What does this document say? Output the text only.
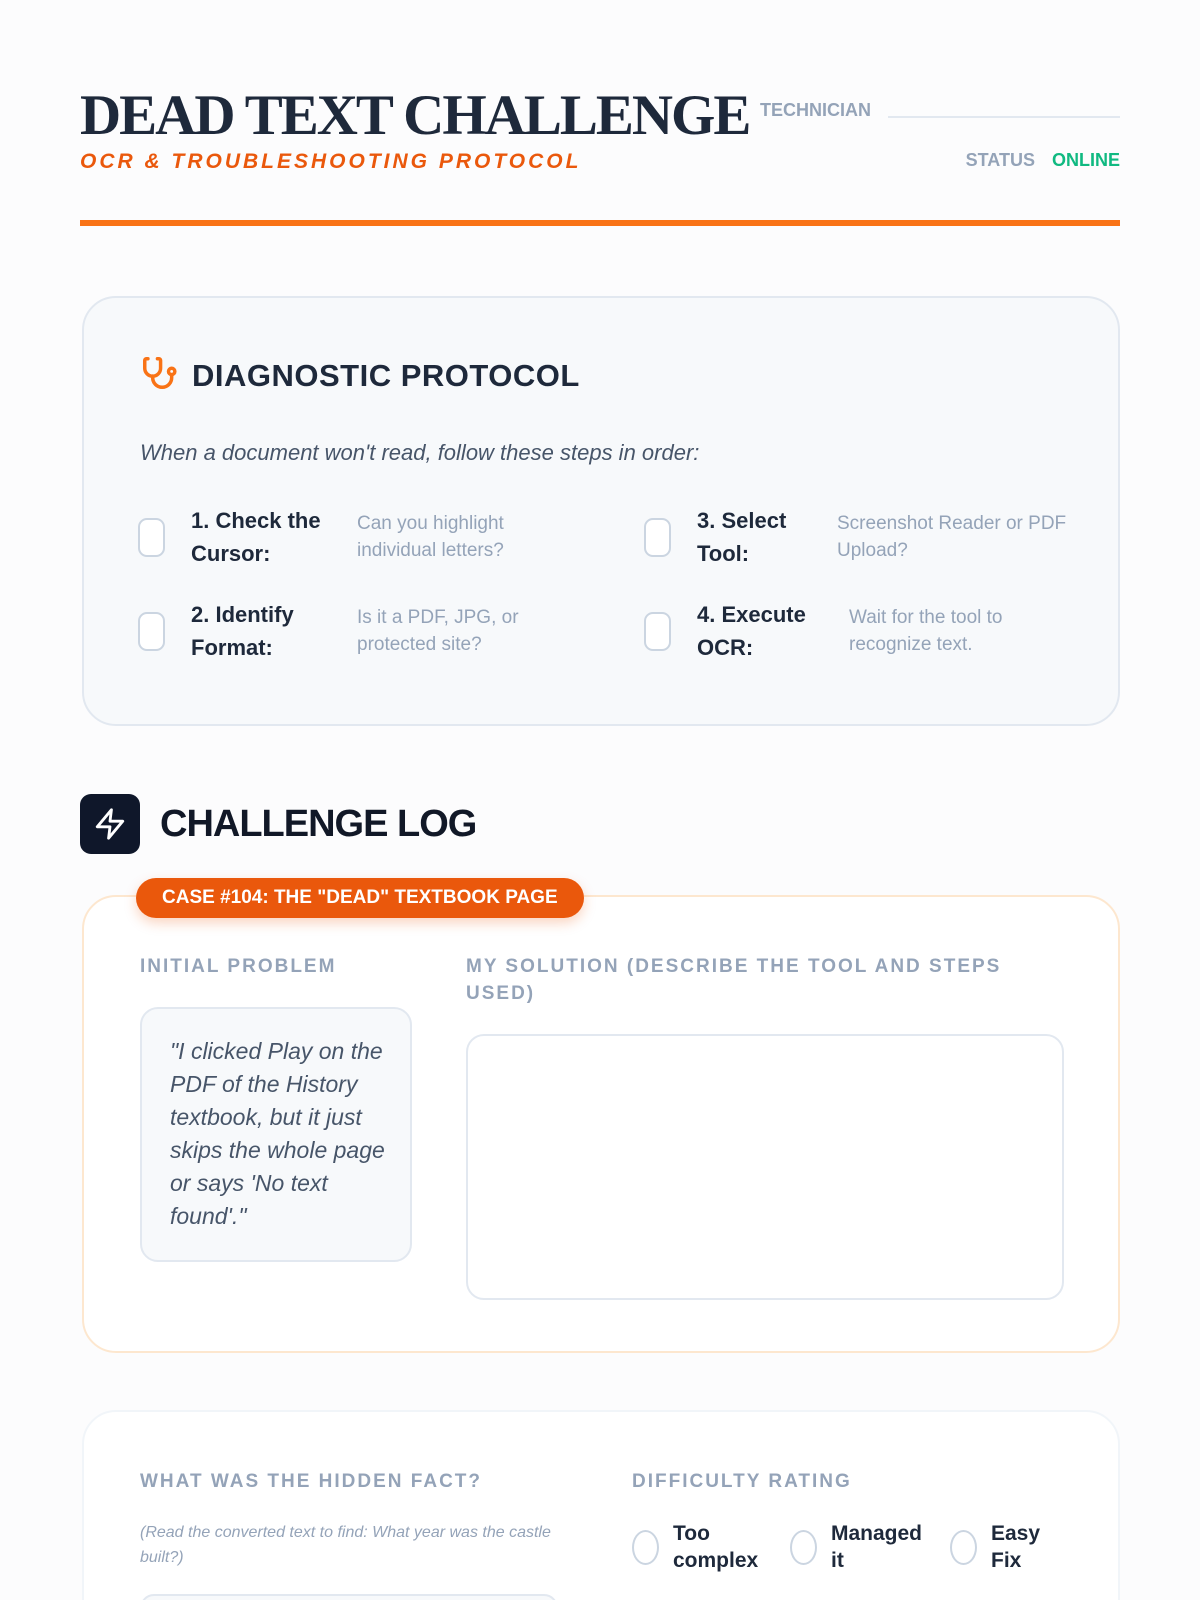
DEAD TEXT CHALLENGE
OCR & TROUBLESHOOTING PROTOCOL
TECHNICIAN
STATUS ONLINE
DIAGNOSTIC PROTOCOL
When a document won't read, follow these steps in order:
1. Check the Cursor:
Can you highlight individual letters?
2. Identify Format:
Is it a PDF, JPG, or protected site?
3. Select Tool:
Screenshot Reader or PDF Upload?
4. Execute OCR:
Wait for the tool to recognize text.
CHALLENGE LOG
INITIAL PROBLEM	MY SOLUTION (DESCRIBE THE TOOL AND STEPS USED)
"I clicked Play on the PDF of the History textbook, but it just skips the whole page or says 'No text found'."
CASE #104: THE "DEAD" TEXTBOOK PAGE
WHAT WAS THE HIDDEN FACT?
(Read the converted text to find: What year was the castle built?)
DIFFICULTY RATING
Too complex
Managed it
Easy Fix
